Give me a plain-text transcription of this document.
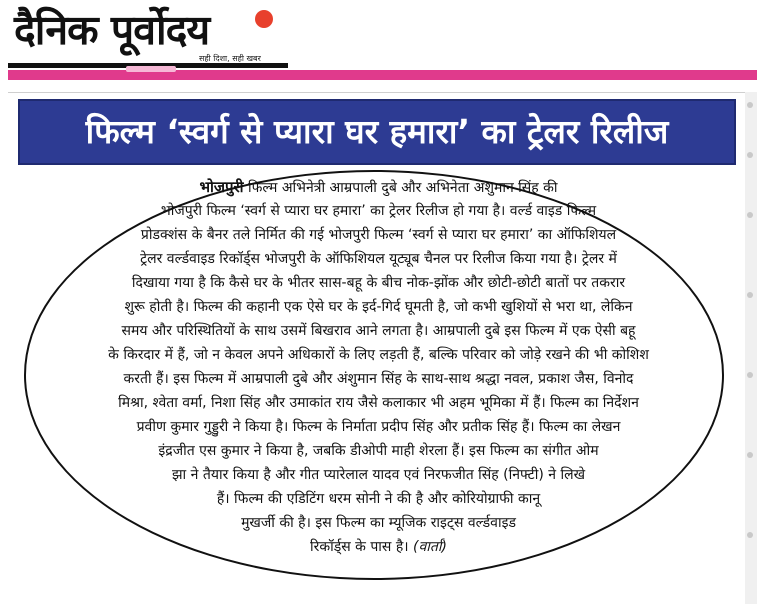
दैनिक पूर्वोदय
सही दिशा, सही खबर
फिल्म ‘स्वर्ग से प्यारा घर हमारा’ का ट्रेलर रिलीज
भोजपुरी फिल्म अभिनेत्री आम्रपाली दुबे और अभिनेता अंशुमान सिंह की
भोजपुरी फिल्म ‘स्वर्ग से प्यारा घर हमारा’ का ट्रेलर रिलीज हो गया है। वर्ल्ड वाइड फिल्म
प्रोडक्शंस के बैनर तले निर्मित की गई भोजपुरी फिल्म ‘स्वर्ग से प्यारा घर हमारा’ का ऑफिशियल
ट्रेलर वर्ल्डवाइड रिकॉर्ड्स भोजपुरी के ऑफिशियल यूट्यूब चैनल पर रिलीज किया गया है। ट्रेलर में
दिखाया गया है कि कैसे घर के भीतर सास-बहू के बीच नोक-झोंक और छोटी-छोटी बातों पर तकरार
शुरू होती है। फिल्म की कहानी एक ऐसे घर के इर्द-गिर्द घूमती है, जो कभी खुशियों से भरा था, लेकिन
समय और परिस्थितियों के साथ उसमें बिखराव आने लगता है। आम्रपाली दुबे इस फिल्म में एक ऐसी बहू
के किरदार में हैं, जो न केवल अपने अधिकारों के लिए लड़ती हैं, बल्कि परिवार को जोड़े रखने की भी कोशिश
करती हैं। इस फिल्म में आम्रपाली दुबे और अंशुमान सिंह के साथ-साथ श्रद्धा नवल, प्रकाश जैस, विनोद
मिश्रा, श्वेता वर्मा, निशा सिंह और उमाकांत राय जैसे कलाकार भी अहम भूमिका में हैं। फिल्म का निर्देशन
प्रवीण कुमार गुड्डुरी ने किया है। फिल्म के निर्माता प्रदीप सिंह और प्रतीक सिंह हैं। फिल्म का लेखन
इंद्रजीत एस कुमार ने किया है, जबकि डीओपी माही शेरला हैं। इस फिल्म का संगीत ओम
झा ने तैयार किया है और गीत प्यारेलाल यादव एवं निरफजीत सिंह (निफ्टी) ने लिखे
हैं। फिल्म की एडिटिंग धरम सोनी ने की है और कोरियोग्राफी कानू
मुखर्जी की है। इस फिल्म का म्यूजिक राइट्स वर्ल्डवाइड
रिकॉर्ड्स के पास है। (वार्ता)
